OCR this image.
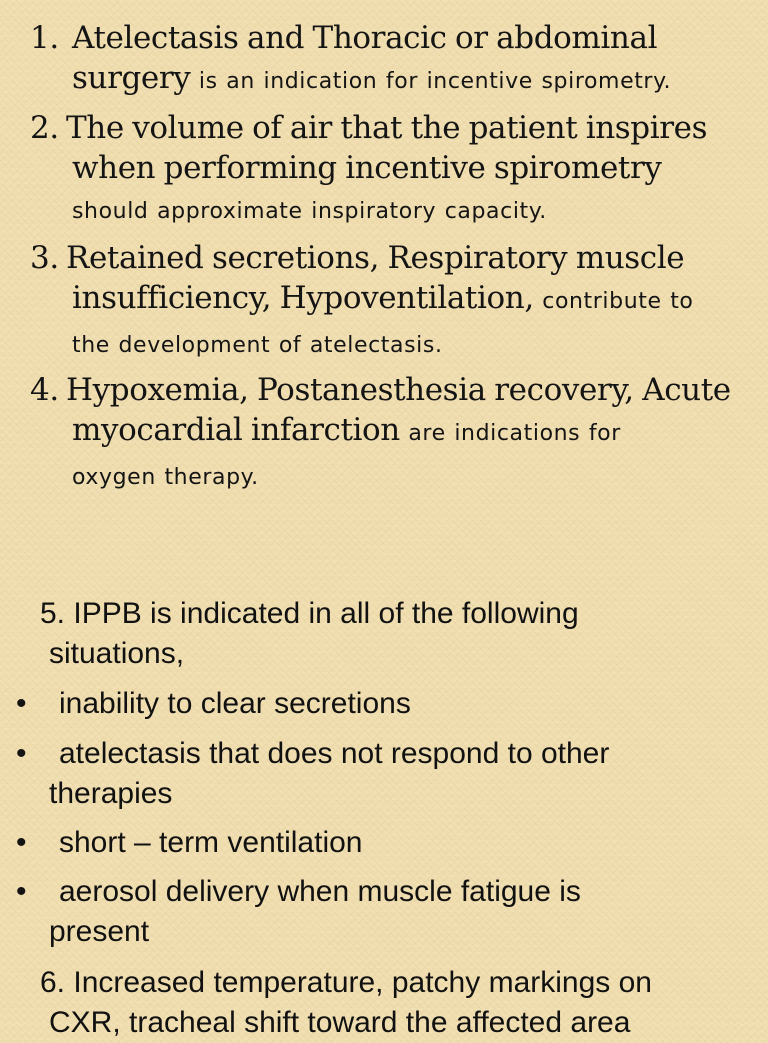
1. Atelectasis and Thoracic or abdominal
surgery is an indication for incentive spirometry.
2. The volume of air that the patient inspires
when performing incentive spirometry
should approximate inspiratory capacity.
3. Retained secretions, Respiratory muscle
insufficiency, Hypoventilation, contribute to
the development of atelectasis.
4. Hypoxemia, Postanesthesia recovery, Acute
myocardial infarction are indications for
oxygen therapy.
5. IPPB is indicated in all of the following
situations,
• inability to clear secretions
• atelectasis that does not respond to other
therapies
• short – term ventilation
• aerosol delivery when muscle fatigue is
present
6. Increased temperature, patchy markings on
CXR, tracheal shift toward the affected area
